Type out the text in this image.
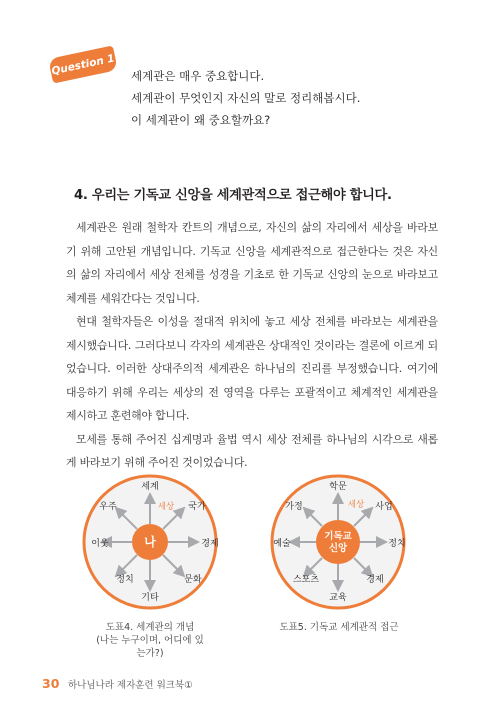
Question 1 세계관은 매우 중요합니다.
세계관이 무엇인지 자신의 말로 정리해봅시다.
이 세계관이 왜 중요할까요?
4. 우리는 기독교 신앙을 세계관적으로 접근해야 합니다.

세계관은 원래 철학자 칸트의 개념으로, 자신의 삶의 자리에서 세상을 바라보기 위해 고안된 개념입니다. 기독교 신앙을 세계관적으로 접근한다는 것은 자신의 삶의 자리에서 세상 전체를 성경을 기초로 한 기독교 신앙의 눈으로 바라보고 체계를 세워간다는 것입니다.

현대 철학자들은 이성을 절대적 위치에 놓고 세상 전체를 바라보는 세계관을 제시했습니다. 그러다보니 각자의 세계관은 상대적인 것이라는 결론에 이르게 되었습니다. 이러한 상대주의적 세계관은 하나님의 진리를 부정했습니다. 여기에 대응하기 위해 우리는 세상의 전 영역을 다루는 포괄적이고 체계적인 세계관을 제시하고 훈련해야 합니다.

모세를 통해 주어진 십계명과 율법 역시 세상 전체를 하나님의 시각으로 새롭게 바라보기 위해 주어진 것이었습니다.

나
세상
세계
국가
경제
문화
기타
정치
이웃
우주
기독교
신앙
세상
학문
사업
정치
경제
교육
스포츠
예술
가정
도표4. 세계관의 개념
(나는 누구이며, 어디에 있는가?)
도표5. 기독교 세계관적 접근
30 하나님나라 제자훈련 워크북①
